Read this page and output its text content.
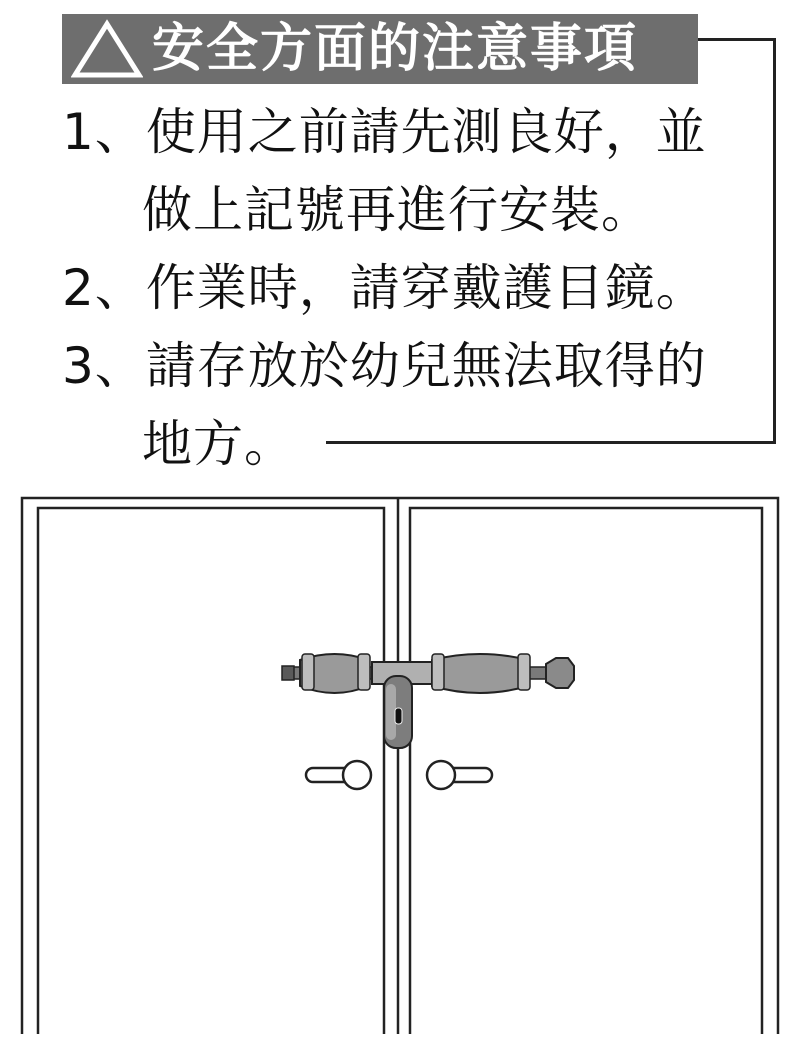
安全方面的注意事項
1、使用之前請先測良好，並
做上記號再進行安裝。
2、作業時，請穿戴護目鏡。
3、請存放於幼兒無法取得的
地方。
